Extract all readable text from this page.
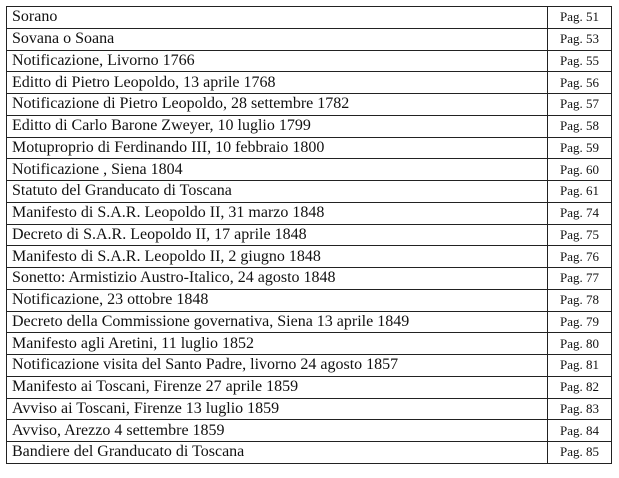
Sorano	Pag. 51
Sovana o Soana	Pag. 53
Notificazione, Livorno 1766	Pag. 55
Editto di Pietro Leopoldo, 13 aprile 1768	Pag. 56
Notificazione di Pietro Leopoldo, 28 settembre 1782	Pag. 57
Editto di Carlo Barone Zweyer, 10 luglio 1799	Pag. 58
Motuproprio di Ferdinando III, 10 febbraio 1800	Pag. 59
Notificazione , Siena 1804	Pag. 60
Statuto del Granducato di Toscana	Pag. 61
Manifesto di S.A.R. Leopoldo II, 31 marzo 1848	Pag. 74
Decreto di S.A.R. Leopoldo II, 17 aprile 1848	Pag. 75
Manifesto di S.A.R. Leopoldo II, 2 giugno 1848	Pag. 76
Sonetto: Armistizio Austro-Italico, 24 agosto 1848	Pag. 77
Notificazione, 23 ottobre 1848	Pag. 78
Decreto della Commissione governativa, Siena 13 aprile 1849	Pag. 79
Manifesto agli Aretini, 11 luglio 1852	Pag. 80
Notificazione visita del Santo Padre, livorno 24 agosto 1857	Pag. 81
Manifesto ai Toscani, Firenze 27 aprile 1859	Pag. 82
Avviso ai Toscani, Firenze 13 luglio 1859	Pag. 83
Avviso, Arezzo 4 settembre 1859	Pag. 84
Bandiere del Granducato di Toscana	Pag. 85
